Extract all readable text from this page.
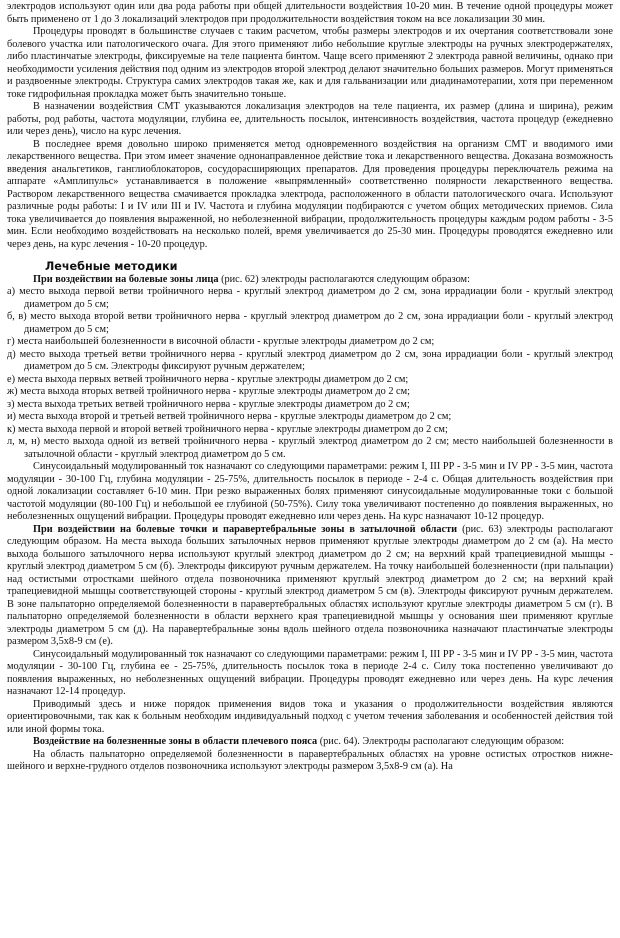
электродов используют один или два рода работы при общей длительности воздействия 10-20 мин. В течение одной процедуры может быть применено от 1 до 3 локализаций электродов при продолжительности воздействия током на все локализации 30 мин.

Процедуры проводят в большинстве случаев с таким расчетом, чтобы размеры электродов и их очертания соответствовали зоне болевого участка или патологического очага. Для этого применяют либо небольшие круглые электроды на ручных электродержателях, либо пластинчатые электроды, фиксируемые на теле пациента бинтом. Чаще всего применяют 2 электрода равной величины, однако при необходимости усиления действия под одним из электродов второй электрод делают значительно больших размеров. Могут применяться и раздвоенные электроды. Структура самих электродов такая же, как и для гальванизации или диадинамотерапии, хотя при переменном токе гидрофильная прокладка может быть значительно тоньше.

В назначении воздействия СМТ указываются локализация электродов на теле пациента, их размер (длина и ширина), режим работы, род работы, частота модуляции, глубина ее, длительность посылок, интенсивность воздействия, частота процедур (ежедневно или через день), число на курс лечения.

В последнее время довольно широко применяется метод одновременного воздействия на организм СМТ и вводимого ими лекарственного вещества. При этом имеет значение однонаправленное действие тока и лекарственного вещества. Доказана возможность введения анальгетиков, ганглиоблокаторов, сосудорасширяющих препаратов. Для проведения процедуры переключатель режима на аппарате «Амплипульс» устанавливается в положение «выпрямленный» соответственно полярности лекарственного вещества. Раствором лекарственного вещества смачивается прокладка электрода, расположенного в области патологического очага. Используют различные роды работы: I и IV или III и IV. Частота и глубина модуляции подбираются с учетом общих методических приемов. Сила тока увеличивается до появления выраженной, но неболезненной вибрации, продолжительность процедуры каждым родом работы - 3-5 мин. Если необходимо воздействовать на несколько полей, время увеличивается до 25-30 мин. Процедуры проводятся ежедневно или через день, на курс лечения - 10-20 процедур.

Лечебные методики

При воздействии на болевые зоны лица (рис. 62) электроды располагаются следующим образом:

а) место выхода первой ветви тройничного нерва - круглый электрод диаметром до 2 см, зона иррадиации боли - круглый электрод диаметром до 5 см;
б, в) место выхода второй ветви тройничного нерва - круглый электрод диаметром до 2 см, зона иррадиации боли - круглый электрод диаметром до 5 см;
г) места наибольшей болезненности в височной области - круглые электроды диаметром до 2 см;
д) место выхода третьей ветви тройничного нерва - круглый электрод диаметром до 2 см, зона иррадиации боли - круглый электрод диаметром до 5 см. Электроды фиксируют ручным держателем;
е) места выхода первых ветвей тройничного нерва - круглые электроды диаметром до 2 см;
ж) места выхода вторых ветвей тройничного нерва - круглые электроды диаметром до 2 см;
з) места выхода третьих ветвей тройничного нерва - круглые электроды диаметром до 2 см;
и) места выхода второй и третьей ветвей тройничного нерва - круглые электроды диаметром до 2 см;
к) места выхода первой и второй ветвей тройничного нерва - круглые электроды диаметром до 2 см;
л, м, н) место выхода одной из ветвей тройничного нерва - круглый электрод диаметром до 2 см; место наибольшей болезненности в затылочной области - круглый электрод диаметром до 5 см.

Синусоидальный модулированный ток назначают со следующими параметрами: режим I, III РР - 3-5 мин и IV РР - 3-5 мин, частота модуляции - 30-100 Гц, глубина модуляции - 25-75%, длительность посылок в периоде - 2-4 с. Общая длительность воздействия при одной локализации составляет 6-10 мин. При резко выраженных болях применяют синусоидальные модулированные токи с большой частотой модуляции (80-100 Гц) и небольшой ее глубиной (50-75%). Силу тока увеличивают постепенно до появления выраженных, но неболезненных ощущений вибрации. Процедуры проводят ежедневно или через день. На курс назначают 10-12 процедур.

При воздействии на болевые точки и паравертебральные зоны в затылочной области (рис. 63) электроды располагают следующим образом. На места выхода больших затылочных нервов применяют круглые электроды диаметром до 2 см (а). На место выхода большого затылочного нерва используют круглый электрод диаметром до 2 см; на верхний край трапециевидной мышцы - круглый электрод диаметром 5 см (б). Электроды фиксируют ручным держателем. На точку наибольшей болезненности (при пальпации) над остистыми отростками шейного отдела позвоночника применяют круглый электрод диаметром до 2 см; на верхний край трапециевидной мышцы соответствующей стороны - круглый электрод диаметром 5 см (в). Электроды фиксируют ручным держателем. В зоне пальпаторно определяемой болезненности в паравертебральных областях используют круглые электроды диаметром 5 см (г). В пальпаторно определяемой болезненности в области верхнего края трапециевидной мышцы у основания шеи применяют круглые электроды диаметром 5 см (д). На паравертебральные зоны вдоль шейного отдела позвоночника назначают пластинчатые электроды размером 3,5х8-9 см (е).

Синусоидальный модулированный ток назначают со следующими параметрами: режим I, III РР - 3-5 мин и IV РР - 3-5 мин, частота модуляции - 30-100 Гц, глубина ее - 25-75%, длительность посылок тока в периоде 2-4 с. Силу тока постепенно увеличивают до появления выраженных, но неболезненных ощущений вибрации. Процедуры проводят ежедневно или через день. На курс лечения назначают 12-14 процедур.

Приводимый здесь и ниже порядок применения видов тока и указания о продолжительности воздействия являются ориентировочными, так как к больным необходим индивидуальный подход с учетом течения заболевания и особенностей действия той или иной формы тока.

Воздействие на болезненные зоны в области плечевого пояса (рис. 64). Электроды располагают следующим образом:

На область пальпаторно определяемой болезненности в паравертебральных областях на уровне остистых отростков нижне-шейного и верхне-грудного отделов позвоночника используют электроды размером 3,5х8-9 см (а). На
